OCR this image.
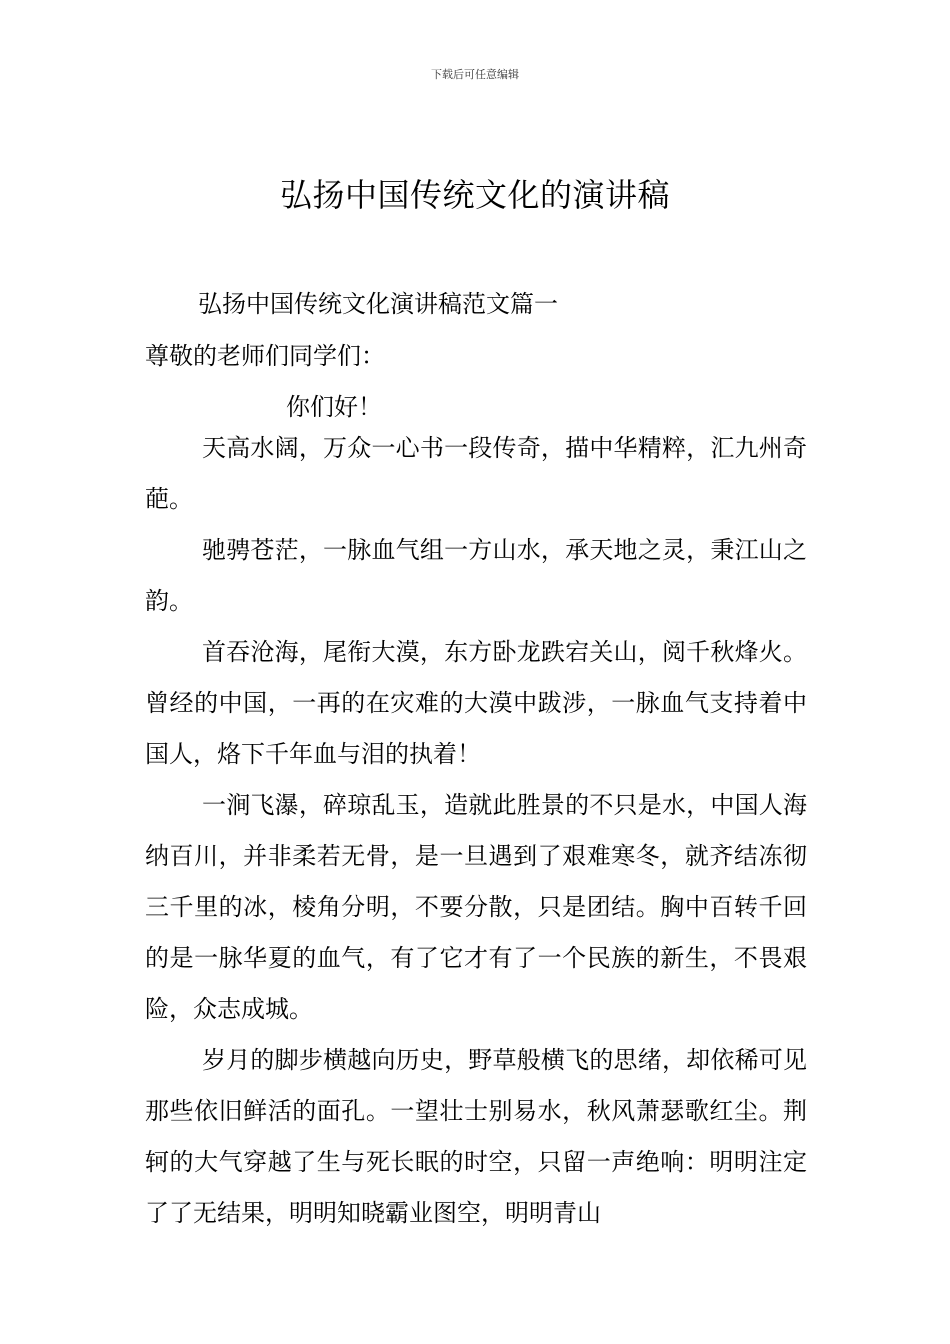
下载后可任意编辑
弘扬中国传统文化的演讲稿
弘扬中国传统文化演讲稿范文篇一
尊敬的老师们同学们：
你们好！

天高水阔，万众一心书一段传奇，描中华精粹，汇九州奇葩。

驰骋苍茫，一脉血气组一方山水，承天地之灵，秉江山之韵。

首吞沧海，尾衔大漠，东方卧龙跌宕关山，阅千秋烽火。曾经的中国，一再的在灾难的大漠中跋涉，一脉血气支持着中国人，烙下千年血与泪的执着！

一涧飞瀑，碎琼乱玉，造就此胜景的不只是水，中国人海纳百川，并非柔若无骨，是一旦遇到了艰难寒冬，就齐结冻彻三千里的冰，棱角分明，不要分散，只是团结。胸中百转千回的是一脉华夏的血气，有了它才有了一个民族的新生，不畏艰险，众志成城。

岁月的脚步横越向历史，野草般横飞的思绪，却依稀可见那些依旧鲜活的面孔。一望壮士别易水，秋风萧瑟歌红尘。荆轲的大气穿越了生与死长眠的时空，只留一声绝响：明明注定了了无结果，明明知晓霸业图空，明明青山
